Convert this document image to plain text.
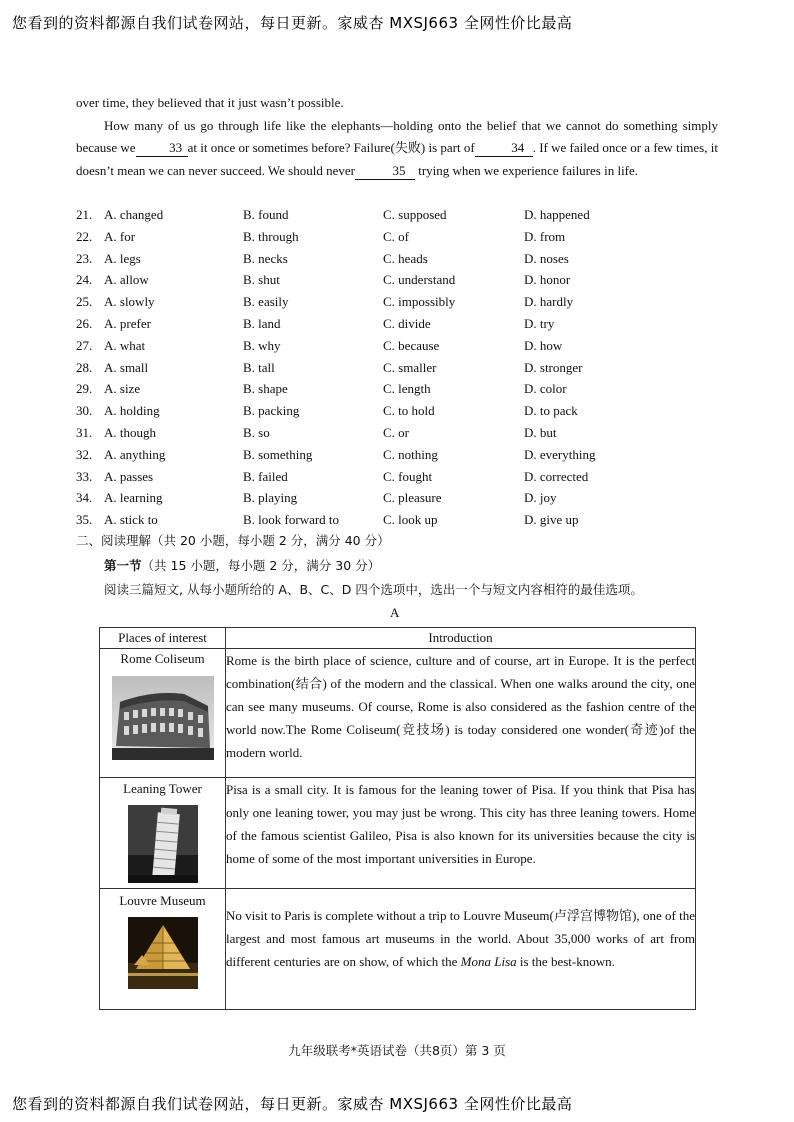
您看到的资料都源自我们试卷网站，每日更新。家威杏 MXSJ663 全网性价比最高

over time, they believed that it just wasn’t possible.

How many of us go through life like the elephants—holding onto the belief that we cannot do something simply because we	33 at it once or sometimes before? Failure(失败) is part of	34 . If we failed once or a few times, it doesn’t mean we can never succeed. We should never	35 trying when we experience failures in life.

21. A. changed	B. found	C. supposed	D. happened
22. A. for	B. through	C. of	D. from
23. A. legs	B. necks	C. heads	D. noses
24. A. allow	B. shut	C. understand	D. honor
25. A. slowly	B. easily	C. impossibly	D. hardly
26. A. prefer	B. land	C. divide	D. try
27. A. what	B. why	C. because	D. how
28. A. small	B. tall	C. smaller	D. stronger
29. A. size	B. shape	C. length	D. color
30. A. holding	B. packing	C. to hold	D. to pack
31. A. though	B. so	C. or	D. but
32. A. anything	B. something	C. nothing	D. everything
33. A. passes	B. failed	C. fought	D. corrected
34. A. learning	B. playing	C. pleasure	D. joy
35. A. stick to	B. look forward to	C. look up	D. give up
二、阅读理解（共 20 小题，每小题 2 分，满分 40 分）
第一节（共 15 小题，每小题 2 分，满分 30 分）
阅读三篇短文, 从每小题所给的 A、B、C、D 四个选项中，选出一个与短文内容相符的最佳选项。
A
Places of interest	Introduction

Rome Coliseum	Rome is the birth place of science, culture and of course, art in Europe. It is the perfect combination(结合) of the modern and the classical. When one walks around the city, one can see many museums. Of course, Rome is also considered as the fashion centre of the world now.The Rome Coliseum(竞技场) is today considered one wonder(奇迹)of the modern world.

Leaning Tower	Pisa is a small city. It is famous for the leaning tower of Pisa. If you think that Pisa has only one leaning tower, you may just be wrong. This city has three leaning towers. Home of the famous scientist Galileo, Pisa is also known for its universities because the city is home of some of the most important universities in Europe.

Louvre Museum	No visit to Paris is complete without a trip to Louvre Museum(卢浮宫博物馆), one of the largest and most famous art museums in the world. About 35,000 works of art from different centuries are on show, of which the Mona Lisa is the best-known.
九年级联考*英语试卷（共8页）第 3 页
您看到的资料都源自我们试卷网站，每日更新。家威杏 MXSJ663 全网性价比最高
